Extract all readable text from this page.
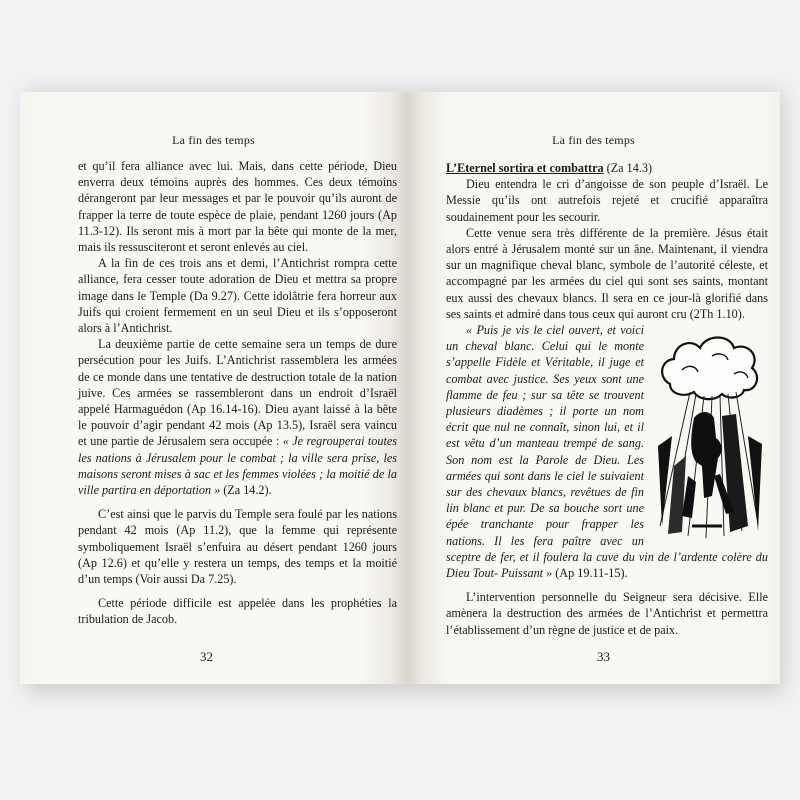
La fin des temps

et qu’il fera alliance avec lui. Mais, dans cette période, Dieu enverra deux témoins auprès des hommes. Ces deux témoins dérangeront par leur messages et par le pouvoir qu’ils auront de frapper la terre de toute espèce de plaie, pendant 1260 jours (Ap 11.3-12). Ils seront mis à mort par la bête qui monte de la mer, mais ils ressusciteront et seront enlevés au ciel.

A la fin de ces trois ans et demi, l’Antichrist rompra cette alliance, fera cesser toute adoration de Dieu et mettra sa propre image dans le Temple (Da 9.27). Cette idolâtrie fera horreur aux Juifs qui croient fermement en un seul Dieu et ils s’opposeront alors à l’Antichrist.

La deuxième partie de cette semaine sera un temps de dure persécution pour les Juifs. L’Antichrist rassemblera les armées de ce monde dans une tentative de destruction totale de la nation juive. Ces armées se rassembleront dans un endroit d’Israël appelé Harmaguédon (Ap 16.14-16). Dieu ayant laissé à la bête le pouvoir d’agir pendant 42 mois (Ap 13.5), Israël sera vaincu et une partie de Jérusalem sera occupée : « Je regrouperai toutes les nations à Jérusalem pour le combat ; la ville sera prise, les maisons seront mises à sac et les femmes violées ; la moitié de la ville partira en déportation » (Za 14.2).

C’est ainsi que le parvis du Temple sera foulé par les nations pendant 42 mois (Ap 11.2), que la femme qui représente symboliquement Israël s’enfuira au désert pendant 1260 jours (Ap 12.6) et qu’elle y restera un temps, des temps et la moitié d’un temps (Voir aussi Da 7.25).

Cette période difficile est appelée dans les prophéties la tribulation de Jacob.

32
La fin des temps

L’Eternel sortira et combattra (Za 14.3)

Dieu entendra le cri d’angoisse de son peuple d’Israël. Le Messie qu’ils ont autrefois rejeté et crucifié apparaîtra soudainement pour les secourir.

Cette venue sera très différente de la première. Jésus était alors entré à Jérusalem monté sur un âne. Maintenant, il viendra sur un magnifique cheval blanc, symbole de l’autorité céleste, et accompagné par les armées du ciel qui sont ses saints, montant eux aussi des chevaux blancs. Il sera en ce jour-là glorifié dans ses saints et admiré dans tous ceux qui auront cru (2Th 1.10).

« Puis je vis le ciel ouvert, et voici un cheval blanc. Celui qui le monte s’appelle Fidèle et Véritable, il juge et combat avec justice. Ses yeux sont une flamme de feu ; sur sa tête se trouvent plusieurs diadèmes ; il porte un nom écrit que nul ne connaît, sinon lui, et il est vêtu d’un manteau trempé de sang. Son nom est la Parole de Dieu. Les armées qui sont dans le ciel le suivaient sur des chevaux blancs, revêtues de fin lin blanc et pur. De sa bouche sort une épée tranchante pour frapper les nations. Il les fera paître avec un sceptre de fer, et il foulera la cuve du vin de l’ardente colère du Dieu Tout- Puissant » (Ap 19.11-15).

L’intervention personnelle du Seigneur sera décisive. Elle amènera la destruction des armées de l’Antichrist et permettra l’établissement d’un règne de justice et de paix.

33
